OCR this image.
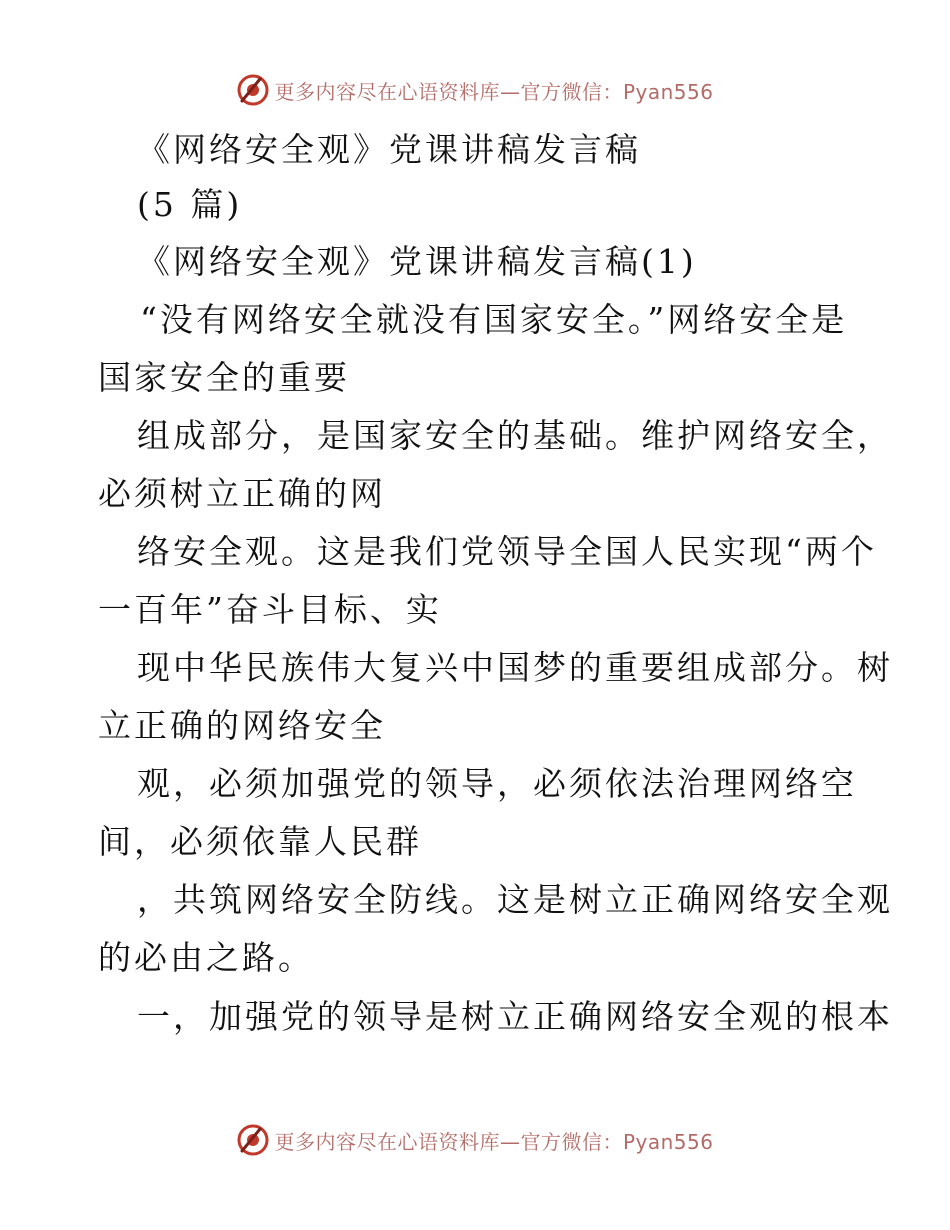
更多内容尽在心语资料库—官方微信：Pyan556
《网络安全观》党课讲稿发言稿
(5 篇)
《网络安全观》党课讲稿发言稿(1)
“没有网络安全就没有国家安全。”网络安全是
国家安全的重要
组成部分，是国家安全的基础。维护网络安全，
必须树立正确的网
络安全观。这是我们党领导全国人民实现“两个
一百年”奋斗目标、实
现中华民族伟大复兴中国梦的重要组成部分。树
立正确的网络安全
观，必须加强党的领导，必须依法治理网络空
间，必须依靠人民群
，共筑网络安全防线。这是树立正确网络安全观
的必由之路。
一，加强党的领导是树立正确网络安全观的根本
更多内容尽在心语资料库—官方微信：Pyan556
